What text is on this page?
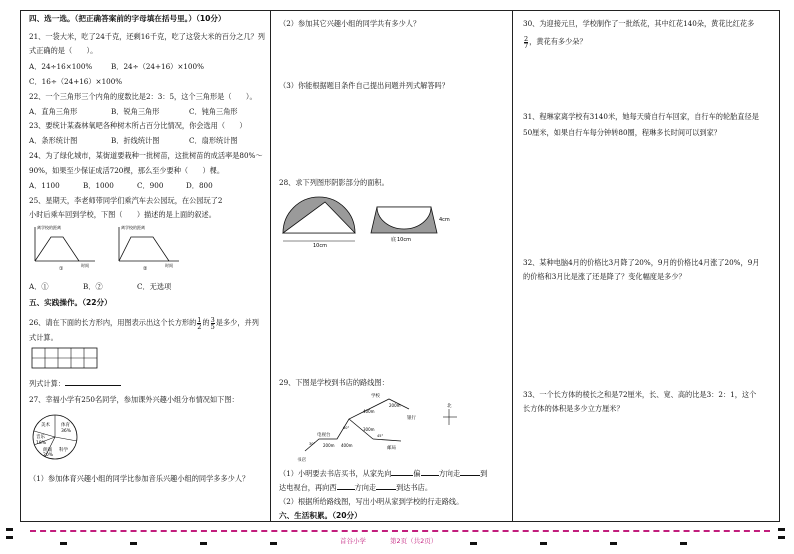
四、选一选。（把正确答案前的字母填在括号里。）（10分）
21、一袋大米，吃了24千克，还剩16千克，吃了这袋大米的百分之几？列
式正确的是（　　）。
A．24÷16×100%	B．24÷（24+16）×100%
C．16÷（24+16）×100%
22、一个三角形三个内角的度数比是2：3：5，这个三角形是（　　）。
A．直角三角形	B．锐角三角形	C．钝角三角形
23、要统计某森林氧吧各种树木所占百分比情况，你会选用（　　）
A．条形统计图	B．折线统计图	C．扇形统计图
24、为了绿化城市，某街道要栽种一批树苗，这批树苗的成活率是80%～
90%，如果至少保证成活720棵，那么至少要种（　　）棵。
A．1100	B．1000	C．900	D．800
25、星期天，李老师带同学们乘汽车去公园玩，在公园玩了2
小时后乘车回到学校，下图（　　）描述的是上面的叙述。
离学校的距离
时间
①
离学校的距离
时间
②
A．①	B．②	C．无选项
五、实践操作。（22分）
26、请在下面的长方形内，用图表示出这个长方形的 $\frac{1}{2}$ 的 $\frac{3}{5}$ 是多少，并列
式计算。
列式计算：
27、幸福小学有250名同学，参加课外兴趣小组分布情况如下图：
美术 体育
36%
音乐
18%
科学
朗诵
20%
（1）参加体育兴趣小组的同学比参加音乐兴趣小组的同学多多少人？
（2）参加其它兴趣小组的同学共有多少人？
（3）你能根据题目条件自己提出问题并列式解答吗？
28、求下列图形阴影部分的面积。
10cm
4cm
底 10cm
29、下图是学校到书店的路线图：
北
学校
银行
电视台
书店
邮局
200m
400m
400m
300m
200m
60°
45°
30°
（1）小明要去书店买书，从家先向	偏	方向走	到
达电视台，再向西	方向走	到达书店。
（2）根据所给路线图，写出小明从家到学校的行走路线。
六、生活积累。（20分）
30、为迎接元旦，学校制作了一批纸花，其中红花140朵，黄花比红花多
$\frac{2}{7}$ ，黄花有多少朵？
31、程琳家离学校有3140米，她每天骑自行车回家，自行车的轮胎直径是
50厘米，如果自行车每分钟转80圈，程琳多长时间可以到家？
32、某种电脑4月的价格比3月降了20%，9月的价格比4月涨了20%，9月
的价格和3月比是涨了还是降了？变化幅度是多少？
33、一个长方体的棱长之和是72厘米，长、宽、高的比是3：2：1，这个
长方体的体积是多少立方厘米？
首谷小学	第2页（共2页）
